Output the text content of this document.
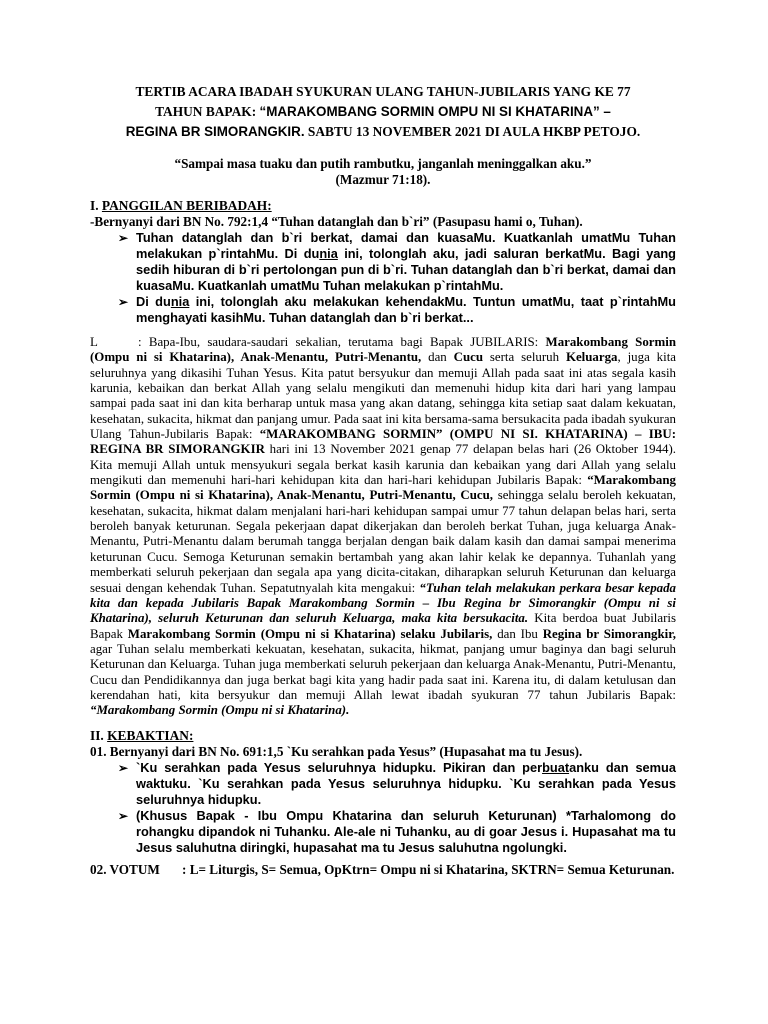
TERTIB ACARA IBADAH SYUKURAN ULANG TAHUN-JUBILARIS YANG KE 77
TAHUN BAPAK: “MARAKOMBANG SORMIN OMPU NI SI KHATARINA” –
REGINA BR SIMORANGKIR. SABTU 13 NOVEMBER 2021 DI AULA HKBP PETOJO.
“Sampai masa tuaku dan putih rambutku, janganlah meninggalkan aku.”
(Mazmur 71:18).
I. PANGGILAN BERIBADAH:
-Bernyanyi dari BN No. 792:1,4 “Tuhan datanglah dan b`ri” (Pasupasu hami o, Tuhan).
➢ Tuhan datanglah dan b`ri berkat, damai dan kuasaMu. Kuatkanlah umatMu Tuhan melakukan p`rintahMu. Di dunia ini, tolonglah aku, jadi saluran berkatMu. Bagi yang sedih hiburan di b`ri pertolongan pun di b`ri. Tuhan datanglah dan b`ri berkat, damai dan kuasaMu. Kuatkanlah umatMu Tuhan melakukan p`rintahMu.
➢ Di dunia ini, tolonglah aku melakukan kehendakMu. Tuntun umatMu, taat p`rintahMu menghayati kasihMu. Tuhan datanglah dan b`ri berkat...
L	: Bapa-Ibu, saudara-saudari sekalian, terutama bagi Bapak JUBILARIS: Marakombang Sormin (Ompu ni si Khatarina), Anak-Menantu, Putri-Menantu, dan Cucu serta seluruh Keluarga, juga kita seluruhnya yang dikasihi Tuhan Yesus. Kita patut bersyukur dan memuji Allah pada saat ini atas segala kasih karunia, kebaikan dan berkat Allah yang selalu mengikuti dan memenuhi hidup kita dari hari yang lampau sampai pada saat ini dan kita berharap untuk masa yang akan datang, sehingga kita setiap saat dalam kekuatan, kesehatan, sukacita, hikmat dan panjang umur. Pada saat ini kita bersama-sama bersukacita pada ibadah syukuran Ulang Tahun-Jubilaris Bapak: “MARAKOMBANG SORMIN” (OMPU NI SI. KHATARINA) – IBU: REGINA BR SIMORANGKIR hari ini 13 November 2021 genap 77 delapan belas hari (26 Oktober 1944). Kita memuji Allah untuk mensyukuri segala berkat kasih karunia dan kebaikan yang dari Allah yang selalu mengikuti dan memenuhi hari-hari kehidupan kita dan hari-hari kehidupan Jubilaris Bapak: “Marakombang Sormin (Ompu ni si Khatarina), Anak-Menantu, Putri-Menantu, Cucu, sehingga selalu beroleh kekuatan, kesehatan, sukacita, hikmat dalam menjalani hari-hari kehidupan sampai umur 77 tahun delapan belas hari, serta beroleh banyak keturunan. Segala pekerjaan dapat dikerjakan dan beroleh berkat Tuhan, juga keluarga Anak-Menantu, Putri-Menantu dalam berumah tangga berjalan dengan baik dalam kasih dan damai sampai menerima keturunan Cucu. Semoga Keturunan semakin bertambah yang akan lahir kelak ke depannya. Tuhanlah yang memberkati seluruh pekerjaan dan segala apa yang dicita-citakan, diharapkan seluruh Keturunan dan keluarga sesuai dengan kehendak Tuhan. Sepatutnyalah kita mengakui: “Tuhan telah melakukan perkara besar kepada kita dan kepada Jubilaris Bapak Marakombang Sormin – Ibu Regina br Simorangkir (Ompu ni si Khatarina), seluruh Keturunan dan seluruh Keluarga, maka kita bersukacita. Kita berdoa buat Jubilaris Bapak Marakombang Sormin (Ompu ni si Khatarina) selaku Jubilaris, dan Ibu Regina br Simorangkir, agar Tuhan selalu memberkati kekuatan, kesehatan, sukacita, hikmat, panjang umur baginya dan bagi seluruh Keturunan dan Keluarga. Tuhan juga memberkati seluruh pekerjaan dan keluarga Anak-Menantu, Putri-Menantu, Cucu dan Pendidikannya dan juga berkat bagi kita yang hadir pada saat ini. Karena itu, di dalam ketulusan dan kerendahan hati, kita bersyukur dan memuji Allah lewat ibadah syukuran 77 tahun Jubilaris Bapak: “Marakombang Sormin (Ompu ni si Khatarina).
II. KEBAKTIAN:
01. Bernyanyi dari BN No. 691:1,5 `Ku serahkan pada Yesus” (Hupasahat ma tu Jesus).
➢ `Ku serahkan pada Yesus seluruhnya hidupku. Pikiran dan perbuatanku dan semua waktuku. `Ku serahkan pada Yesus seluruhnya hidupku. `Ku serahkan pada Yesus seluruhnya hidupku.
➢ (Khusus Bapak - Ibu Ompu Khatarina dan seluruh Keturunan) *Tarhalomong do rohangku dipandok ni Tuhanku. Ale-ale ni Tuhanku, au di goar Jesus i. Hupasahat ma tu Jesus saluhutna diringki, hupasahat ma tu Jesus saluhutna ngolungki.
02. VOTUM	: L= Liturgis, S= Semua, OpKtrn= Ompu ni si Khatarina, SKTRN= Semua Keturunan.
